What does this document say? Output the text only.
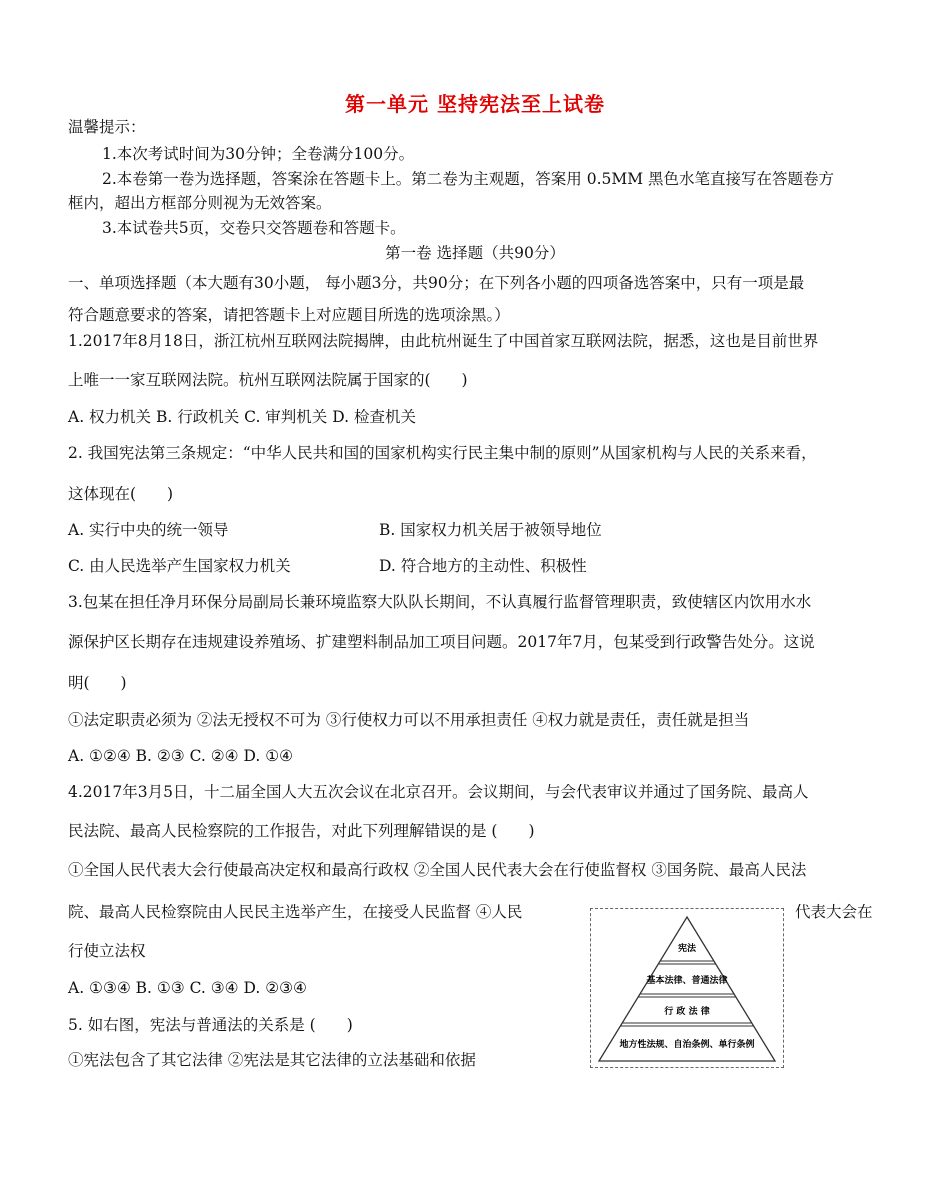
第一单元 坚持宪法至上试卷
温馨提示：
1.本次考试时间为30分钟；全卷满分100分。
2.本卷第一卷为选择题，答案涂在答题卡上。第二卷为主观题，答案用 0.5MM 黑色水笔直接写在答题卷方
框内，超出方框部分则视为无效答案。
3.本试卷共5页，交卷只交答题卷和答题卡。
第一卷 选择题（共90分）
一、单项选择题（本大题有30小题， 每小题3分，共90分；在下列各小题的四项备选答案中，只有一项是最
符合题意要求的答案，请把答题卡上对应题目所选的选项涂黑。）
1.2017年8月18日，浙江杭州互联网法院揭牌，由此杭州诞生了中国首家互联网法院，据悉，这也是目前世界
上唯一一家互联网法院。杭州互联网法院属于国家的(　　)
A. 权力机关 B. 行政机关 C. 审判机关 D. 检查机关
2. 我国宪法第三条规定：“中华人民共和国的国家机构实行民主集中制的原则”从国家机构与人民的关系来看，
这体现在(　　)
A. 实行中央的统一领导	B. 国家权力机关居于被领导地位
C. 由人民选举产生国家权力机关	D. 符合地方的主动性、积极性
3.包某在担任净月环保分局副局长兼环境监察大队队长期间，不认真履行监督管理职责，致使辖区内饮用水水
源保护区长期存在违规建设养殖场、扩建塑料制品加工项目问题。2017年7月，包某受到行政警告处分。这说
明(　　)
①法定职责必须为 ②法无授权不可为 ③行使权力可以不用承担责任 ④权力就是责任，责任就是担当
A. ①②④ B. ②③ C. ②④ D. ①④
4.2017年3月5日，十二届全国人大五次会议在北京召开。会议期间，与会代表审议并通过了国务院、最高人
民法院、最高人民检察院的工作报告，对此下列理解错误的是 (　　)
①全国人民代表大会行使最高决定权和最高行政权 ②全国人民代表大会在行使监督权 ③国务院、最高人民法
院、最高人民检察院由人民民主选举产生，在接受人民监督 ④人民	代表大会在
行使立法权
A. ①③④ B. ①③ C. ③④ D. ②③④
5. 如右图，宪法与普通法的关系是 (　　)
①宪法包含了其它法律 ②宪法是其它法律的立法基础和依据
宪法
基本法律、普通法律
行 政 法 律
地方性法规、自治条例、单行条例
